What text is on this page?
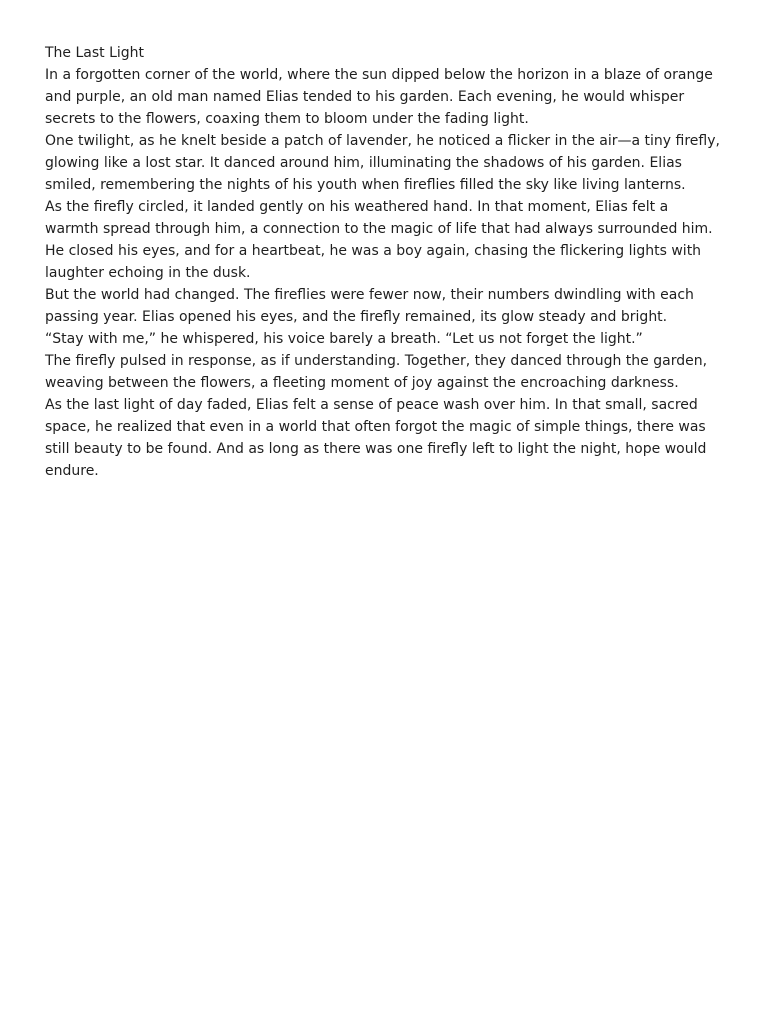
The Last Light

In a forgotten corner of the world, where the sun dipped below the horizon in a blaze of orange and purple, an old man named Elias tended to his garden. Each evening, he would whisper secrets to the flowers, coaxing them to bloom under the fading light.

One twilight, as he knelt beside a patch of lavender, he noticed a flicker in the air—a tiny firefly, glowing like a lost star. It danced around him, illuminating the shadows of his garden. Elias smiled, remembering the nights of his youth when fireflies filled the sky like living lanterns.

As the firefly circled, it landed gently on his weathered hand. In that moment, Elias felt a warmth spread through him, a connection to the magic of life that had always surrounded him. He closed his eyes, and for a heartbeat, he was a boy again, chasing the flickering lights with laughter echoing in the dusk.

But the world had changed. The fireflies were fewer now, their numbers dwindling with each passing year. Elias opened his eyes, and the firefly remained, its glow steady and bright.

“Stay with me,” he whispered, his voice barely a breath. “Let us not forget the light.”

The firefly pulsed in response, as if understanding. Together, they danced through the garden, weaving between the flowers, a fleeting moment of joy against the encroaching darkness.

As the last light of day faded, Elias felt a sense of peace wash over him. In that small, sacred space, he realized that even in a world that often forgot the magic of simple things, there was still beauty to be found. And as long as there was one firefly left to light the night, hope would endure.
